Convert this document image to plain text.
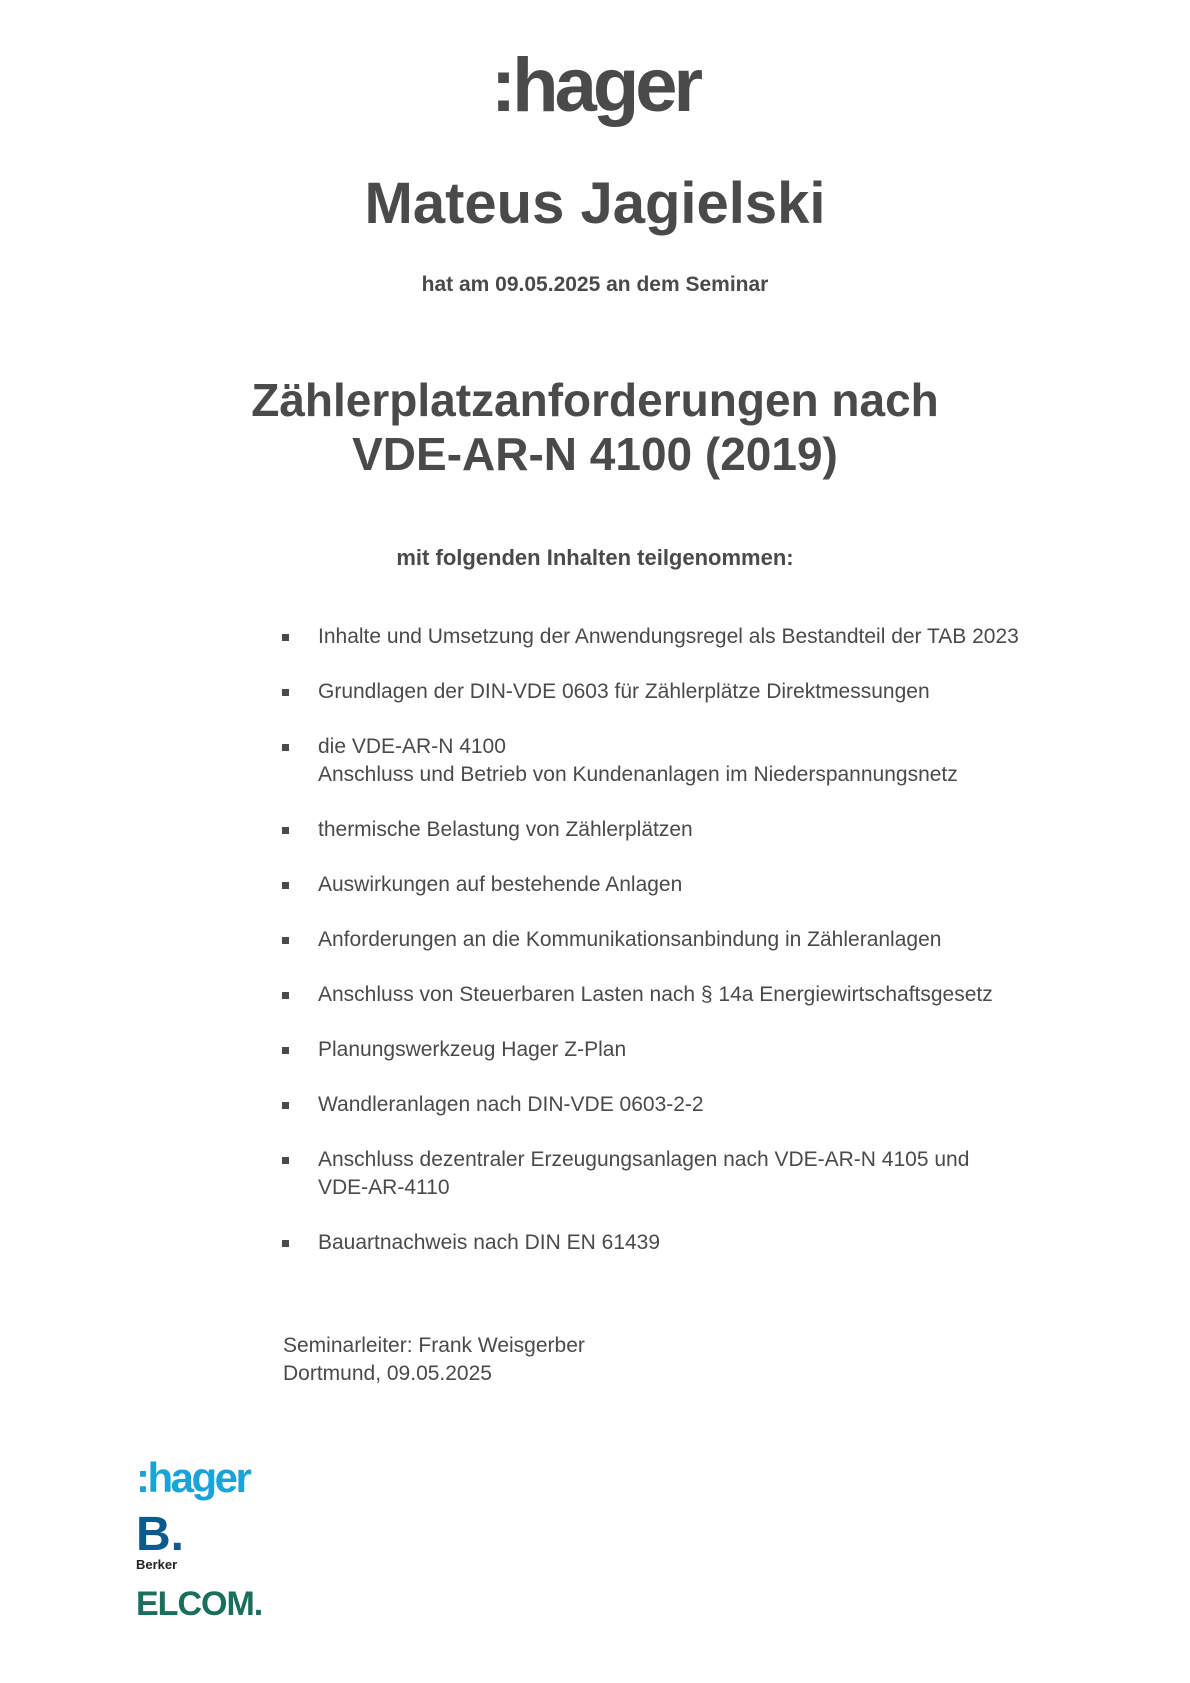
:hager
Mateus Jagielski
hat am 09.05.2025 an dem Seminar
Zählerplatzanforderungen nach
VDE-AR-N 4100 (2019)
mit folgenden Inhalten teilgenommen:
Inhalte und Umsetzung der Anwendungsregel als Bestandteil der TAB 2023
Grundlagen der DIN-VDE 0603 für Zählerplätze Direktmessungen
die VDE-AR-N 4100
Anschluss und Betrieb von Kundenanlagen im Niederspannungsnetz
thermische Belastung von Zählerplätzen
Auswirkungen auf bestehende Anlagen
Anforderungen an die Kommunikationsanbindung in Zähleranlagen
Anschluss von Steuerbaren Lasten nach § 14a Energiewirtschaftsgesetz
Planungswerkzeug Hager Z-Plan
Wandleranlagen nach DIN-VDE 0603-2-2
Anschluss dezentraler Erzeugungsanlagen nach VDE-AR-N 4105 und
VDE-AR-4110
Bauartnachweis nach DIN EN 61439
Seminarleiter: Frank Weisgerber
Dortmund, 09.05.2025
:hager
B.
Berker
ELCOM.
